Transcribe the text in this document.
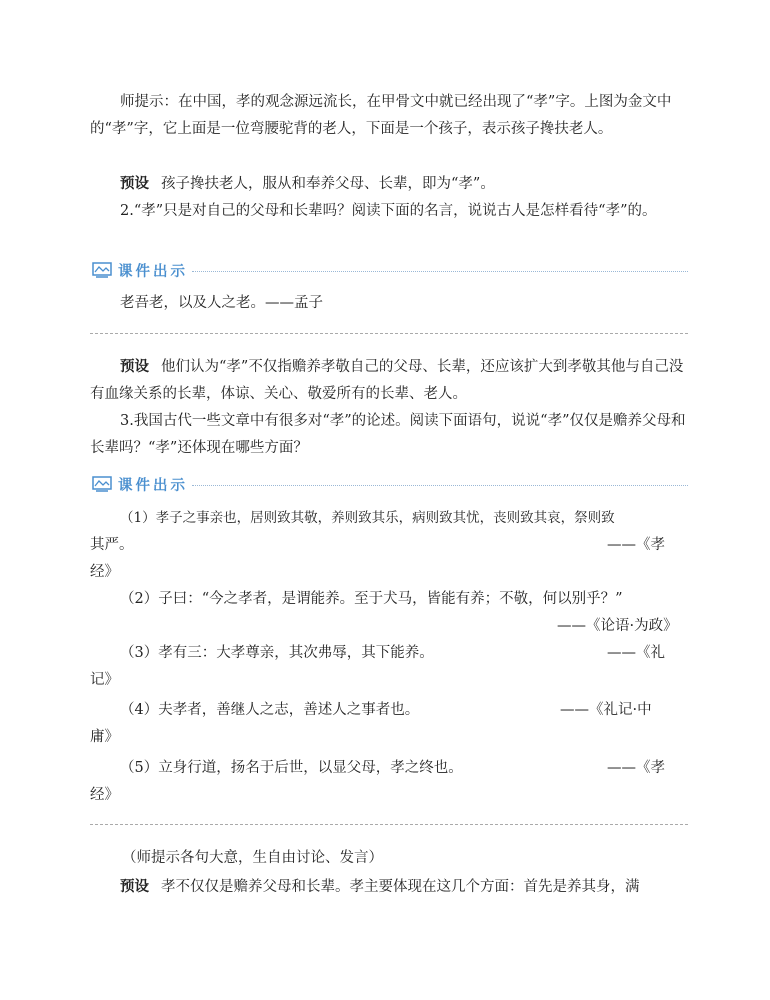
师提示：在中国，孝的观念源远流长，在甲骨文中就已经出现了“孝”字。上图为金文中的“孝”字，它上面是一位弯腰驼背的老人，下面是一个孩子，表示孩子搀扶老人。

预设 孩子搀扶老人，服从和奉养父母、长辈，即为“孝”。

2.“孝”只是对自己的父母和长辈吗？阅读下面的名言，说说古人是怎样看待“孝”的。

课件出示

老吾老，以及人之老。——孟子

预设 他们认为“孝”不仅指赡养孝敬自己的父母、长辈，还应该扩大到孝敬其他与自己没有血缘关系的长辈，体谅、关心、敬爱所有的长辈、老人。

3.我国古代一些文章中有很多对“孝”的论述。阅读下面语句，说说“孝”仅仅是赡养父母和长辈吗？“孝”还体现在哪些方面？

课件出示

（1）孝子之事亲也，居则致其敬，养则致其乐，病则致其忧，丧则致其哀，祭则致

其严。	——《孝
经》

（2）子曰：“今之孝者，是谓能养。至于犬马，皆能有养；不敬，何以别乎？”

——《论语·为政》

（3）孝有三：大孝尊亲，其次弗辱，其下能养。	——《礼
记》

（4）夫孝者，善继人之志，善述人之事者也。	——《礼记·中
庸》

（5）立身行道，扬名于后世，以显父母，孝之终也。	——《孝
经》

（师提示各句大意，生自由讨论、发言）

预设 孝不仅仅是赡养父母和长辈。孝主要体现在这几个方面：首先是养其身，满
